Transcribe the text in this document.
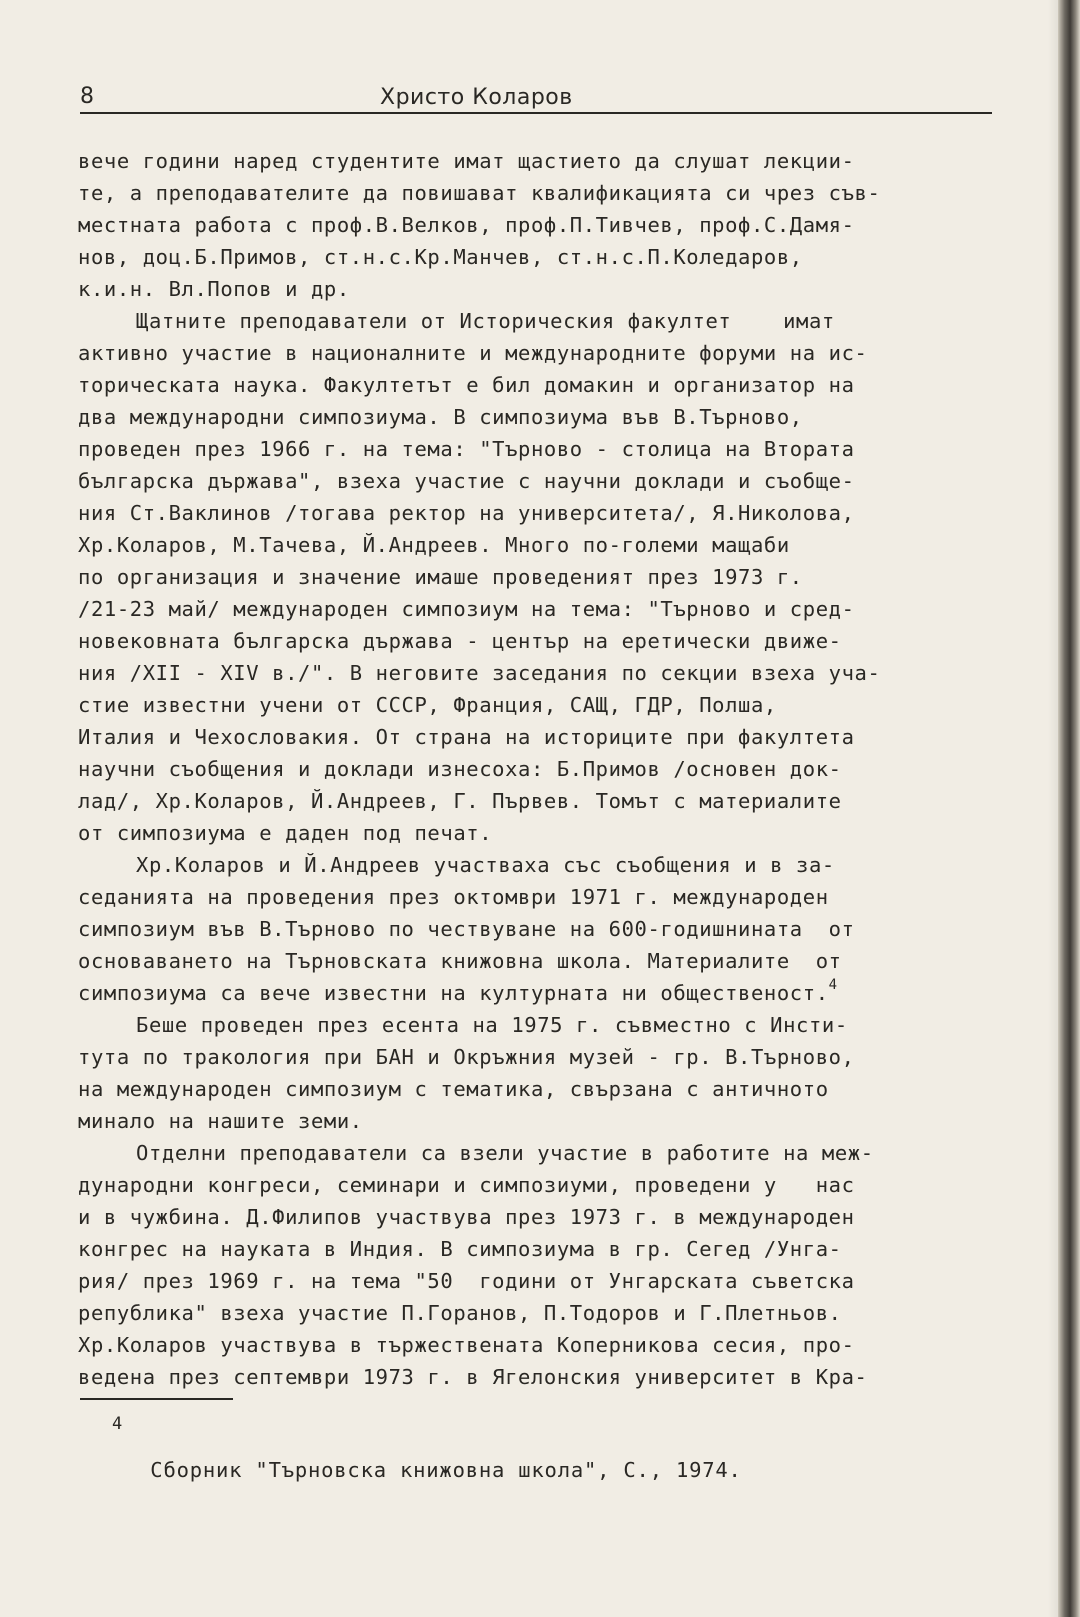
8	Христо Коларов
вече години наред студентите имат щастието да слушат лекции-
те, а преподавателите да повишават квалификацията си чрез съв-
местната работа с проф.В.Велков, проф.П.Тивчев, проф.С.Дамя-
нов, доц.Б.Примов, ст.н.с.Кр.Манчев, ст.н.с.П.Коледаров,
к.и.н. Вл.Попов и др.
Щатните преподаватели от Историческия факултет    имат
активно участие в националните и международните форуми на ис-
торическата наука. Факултетът е бил домакин и организатор на
два международни симпозиума. В симпозиума във В.Търново,
проведен през 1966 г. на тема: "Търново - столица на Втората
българска държава", взеха участие с научни доклади и съобще-
ния Ст.Ваклинов /тогава ректор на университета/, Я.Николова,
Хр.Коларов, М.Тачева, Й.Андреев. Много по-големи мащаби
по организация и значение имаше проведеният през 1973 г.
/21-23 май/ международен симпозиум на тема: "Търново и сред-
новековната българска държава - център на еретически движе-
ния /XII - XIV в./". В неговите заседания по секции взеха уча-
стие известни учени от СССР, Франция, САЩ, ГДР, Полша,
Италия и Чехословакия. От страна на историците при факултета
научни съобщения и доклади изнесоха: Б.Примов /основен док-
лад/, Хр.Коларов, Й.Андреев, Г. Първев. Томът с материалите
от симпозиума е даден под печат.
Хр.Коларов и Й.Андреев участваха със съобщения и в за-
седанията на проведения през октомври 1971 г. международен
симпозиум във В.Търново по чествуване на 600-годишнината  от
основаването на Търновската книжовна школа. Материалите  от
симпозиума са вече известни на културната ни общественост.$^4$
Беше проведен през есента на 1975 г. съвместно с Инсти-
тута по тракология при БАН и Окръжния музей - гр. В.Търново,
на международен симпозиум с тематика, свързана с античното
минало на нашите земи.
Отделни преподаватели са взели участие в работите на меж-
дународни конгреси, семинари и симпозиуми, проведени у   нас
и в чужбина. Д.Филипов участвува през 1973 г. в международен
конгрес на науката в Индия. В симпозиума в гр. Сегед /Унга-
рия/ през 1969 г. на тема "50  години от Унгарската съветска
република" взеха участие П.Горанов, П.Тодоров и Г.Плетньов.
Хр.Коларов участвува в тържествената Коперникова сесия, про-
ведена през септември 1973 г. в Ягелонския университет в Кра-

4
Сборник "Търновска книжовна школа", С., 1974.
